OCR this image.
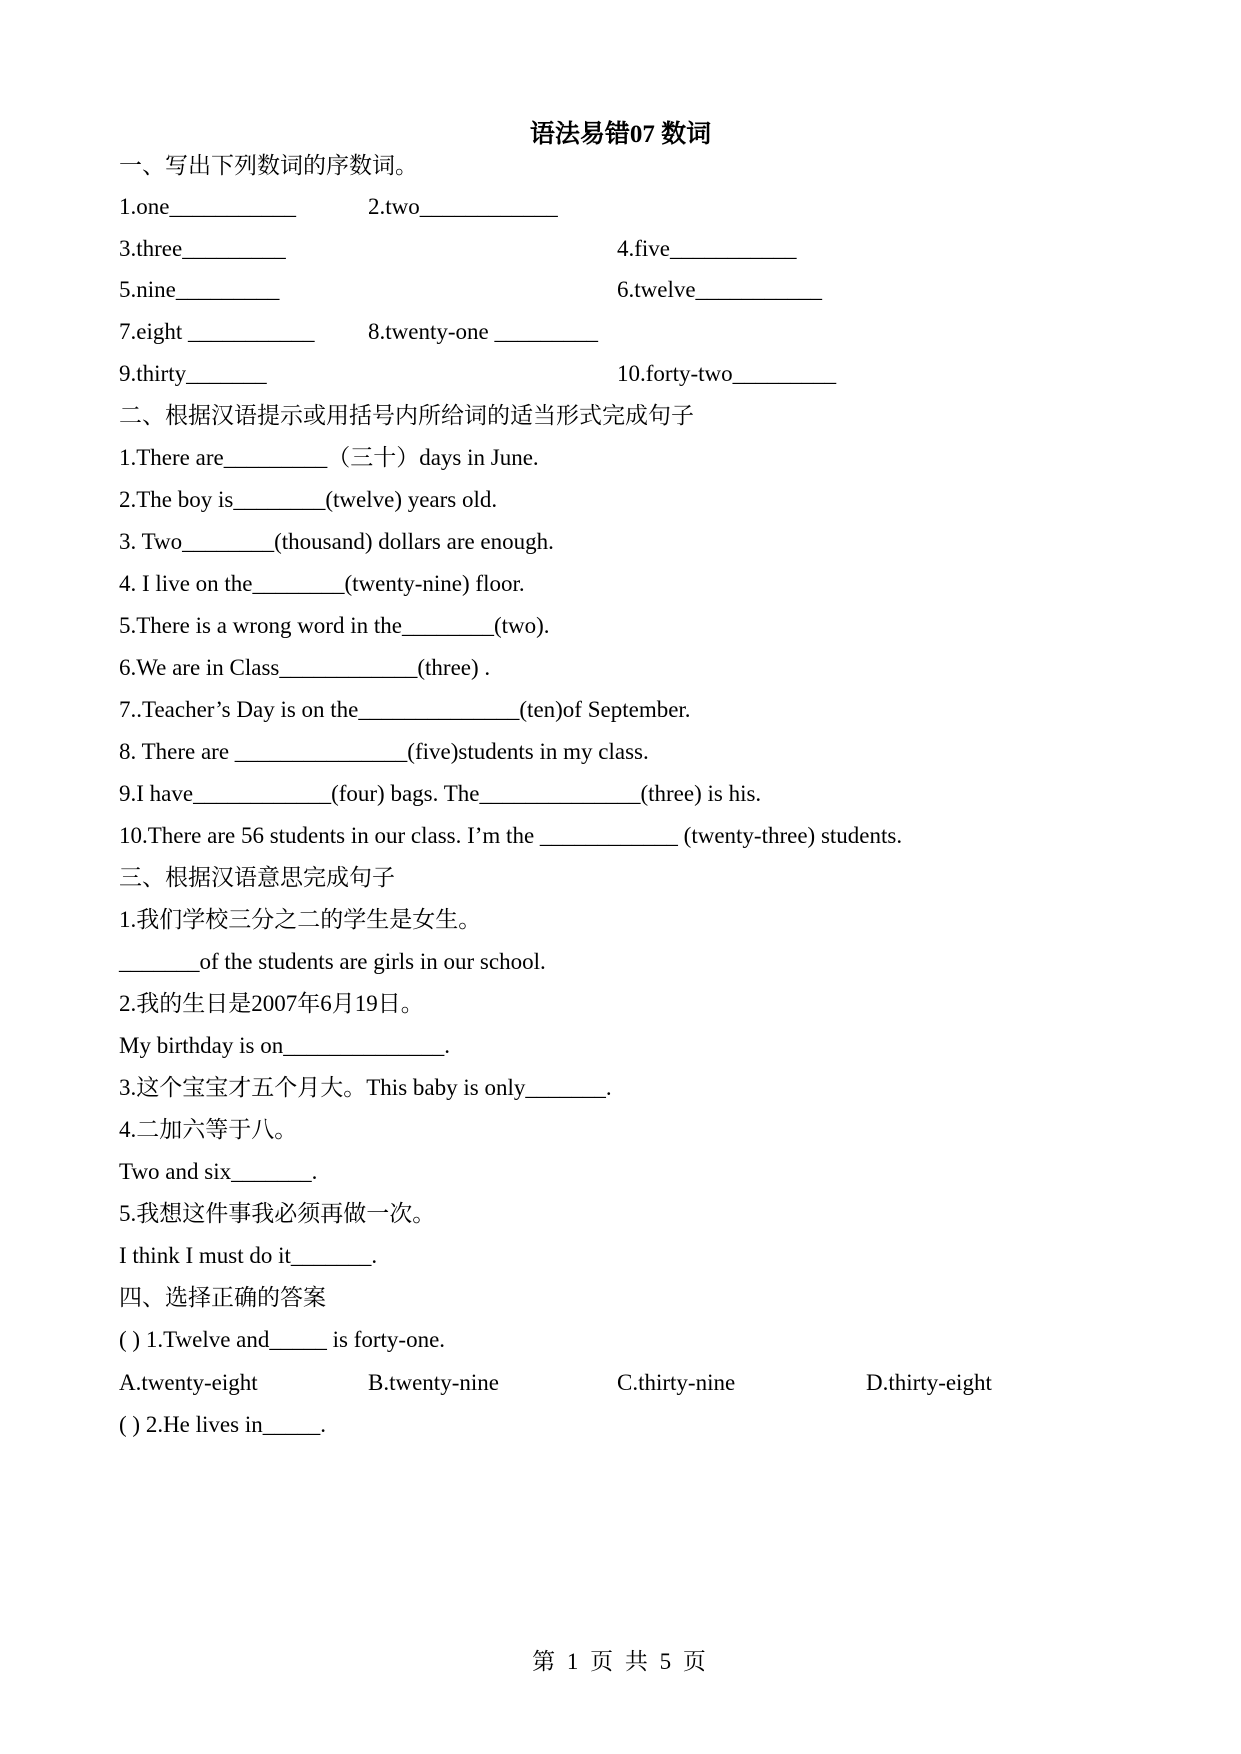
语法易错07 数词
一、写出下列数词的序数词。
1.one___________	2.two____________
3.three_________	4.five___________
5.nine_________	6.twelve___________
7.eight ___________ 8.twenty-one _________
9.thirty_______	10.forty-two_________
二、根据汉语提示或用括号内所给词的适当形式完成句子
1.There are_________（三十）days in June.
2.The boy is________(twelve) years old.
3. Two________(thousand) dollars are enough.
4. I live on the________(twenty-nine) floor.
5.There is a wrong word in the________(two).
6.We are in Class____________(three) .
7..Teacher’s Day is on the______________(ten)of September.
8. There are _______________(five)students in my class.
9.I have____________(four) bags. The______________(three) is his.
10.There are 56 students in our class. I’m the ____________ (twenty-three) students.
三、根据汉语意思完成句子
1.我们学校三分之二的学生是女生。
_______of the students are girls in our school.
2.我的生日是2007年6月19日。
My birthday is on______________.
3.这个宝宝才五个月大。This baby is only_______.
4.二加六等于八。
Two and six_______.
5.我想这件事我必须再做一次。
I think I must do it_______.
四、选择正确的答案
( ) 1.Twelve and_____ is forty-one.
A.twenty-eight	B.twenty-nine	C.thirty-nine	D.thirty-eight
( ) 2.He lives in_____.
第 1 页 共 5 页
